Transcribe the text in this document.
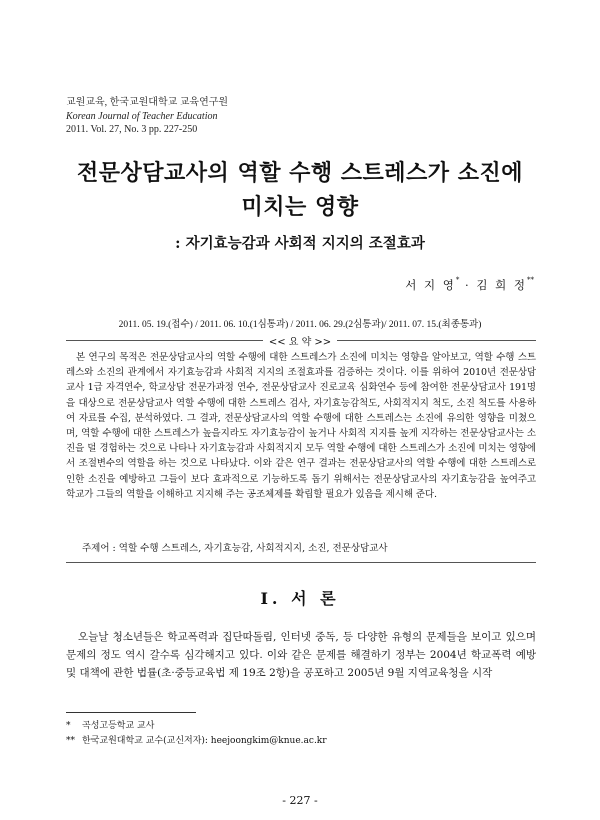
교원교육, 한국교원대학교 교육연구원
Korean Journal of Teacher Education
2011. Vol. 27, No. 3 pp. 227-250
전문상담교사의 역할 수행 스트레스가 소진에
미치는 영향
: 자기효능감과 사회적 지지의 조절효과
서 지 영* · 김 희 정**
2011. 05. 19.(접수) / 2011. 06. 10.(1심통과) / 2011. 06. 29.(2심통과)/ 2011. 07. 15.(최종통과)
<< 요 약 >>
본 연구의 목적은 전문상담교사의 역할 수행에 대한 스트레스가 소진에 미치는 영향을 알아보고, 역할 수행 스트레스와 소진의 관계에서 자기효능감과 사회적 지지의 조절효과를 검증하는 것이다. 이를 위하여 2010년 전문상담교사 1급 자격연수, 학교상담 전문가과정 연수, 전문상담교사 진로교육 심화연수 등에 참여한 전문상담교사 191명을 대상으로 전문상담교사 역할 수행에 대한 스트레스 검사, 자기효능감척도, 사회적지지 척도, 소진 척도를 사용하여 자료를 수집, 분석하였다. 그 결과, 전문상담교사의 역할 수행에 대한 스트레스는 소진에 유의한 영향을 미쳤으며, 역할 수행에 대한 스트레스가 높을지라도 자기효능감이 높거나 사회적 지지를 높게 지각하는 전문상담교사는 소진을 덜 경험하는 것으로 나타나 자기효능감과 사회적지지 모두 역할 수행에 대한 스트레스가 소진에 미치는 영향에서 조절변수의 역할을 하는 것으로 나타났다. 이와 같은 연구 결과는 전문상담교사의 역할 수행에 대한 스트레스로 인한 소진을 예방하고 그들이 보다 효과적으로 기능하도록 돕기 위해서는 전문상담교사의 자기효능감을 높여주고 학교가 그들의 역할을 이해하고 지지해 주는 공조체제를 확립할 필요가 있음을 제시해 준다.
주제어 : 역할 수행 스트레스, 자기효능감, 사회적지지, 소진, 전문상담교사
Ⅰ. 서 론
오늘날 청소년들은 학교폭력과 집단따돌림, 인터넷 중독, 등 다양한 유형의 문제들을 보이고 있으며 문제의 정도 역시 갈수록 심각해지고 있다. 이와 같은 문제를 해결하기 정부는 2004년 학교폭력 예방 및 대책에 관한 법률(초·중등교육법 제 19조 2항)을 공포하고 2005년 9월 지역교육청을 시작
* 곡성고등학교 교사
** 한국교원대학교 교수(교신저자): heejoongkim@knue.ac.kr
- 227 -
